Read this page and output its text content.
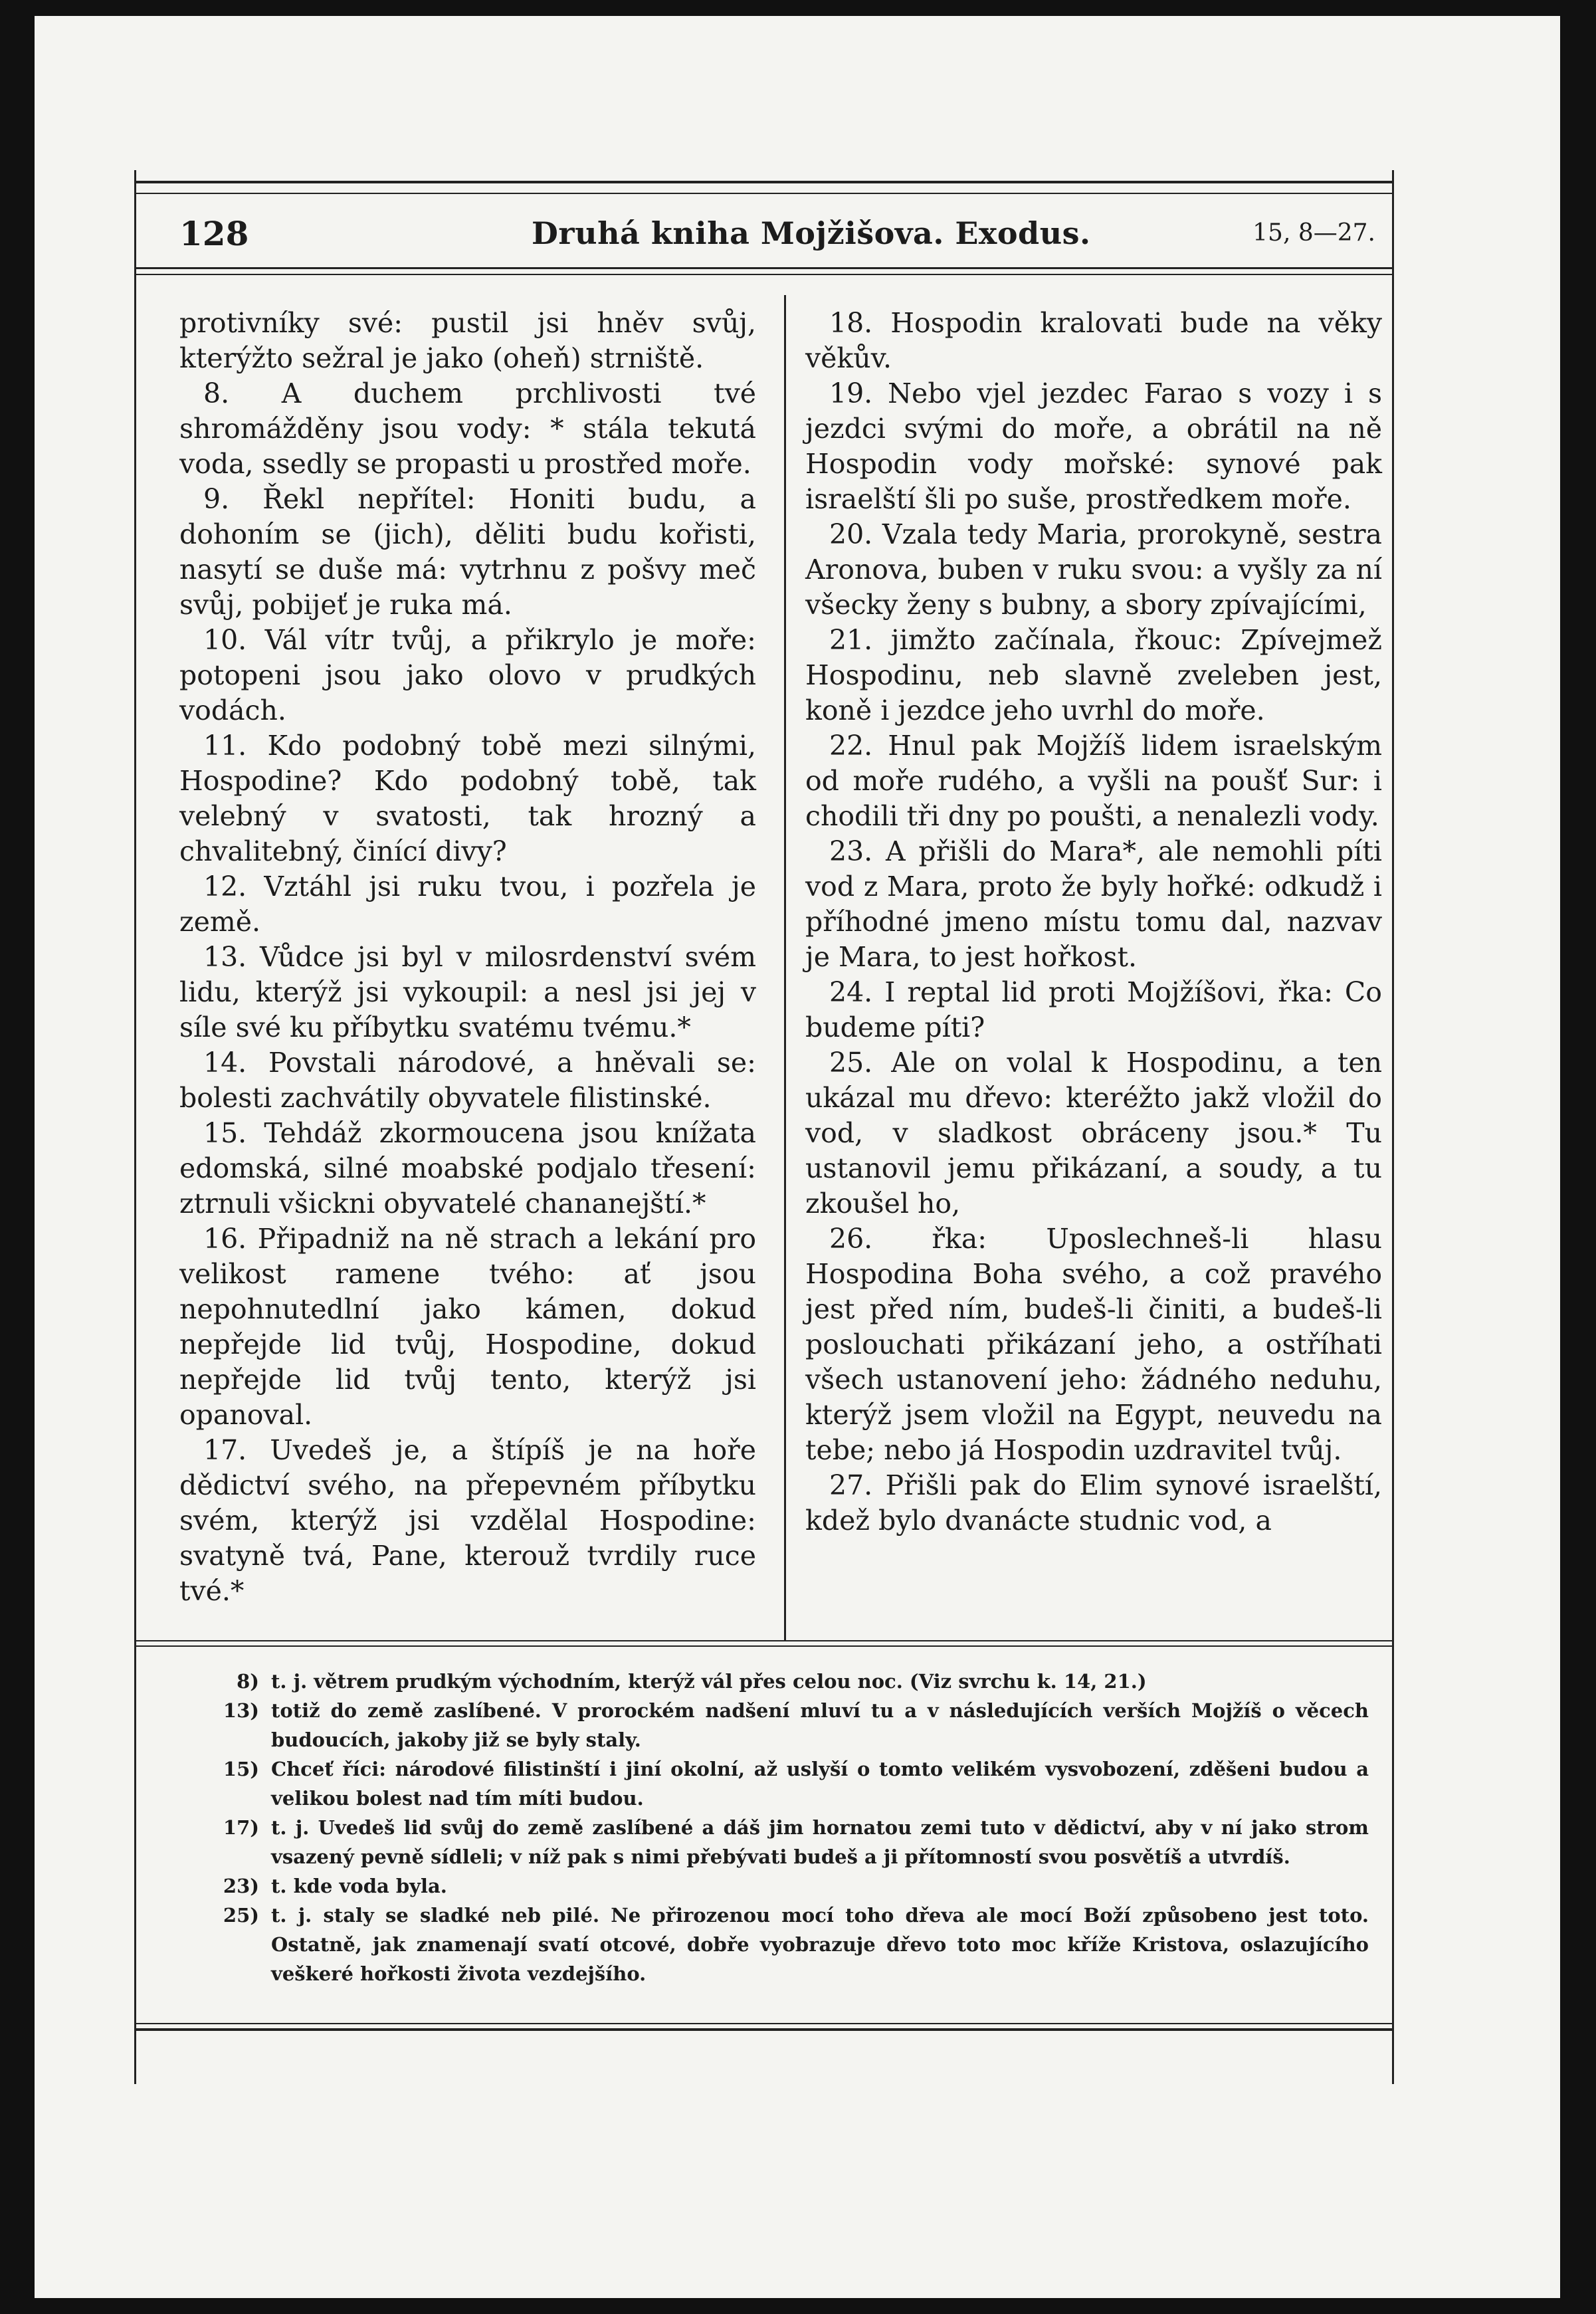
128	Druhá kniha Mojžišova. Exodus.	15, 8—27.

protivníky své: pustil jsi hněv svůj, kterýžto sežral je jako (oheň) strniště.

8. A duchem prchlivosti tvé shromážděny jsou vody: * stála tekutá voda, ssedly se propasti u prostřed moře.

9. Řekl nepřítel: Honiti budu, a dohoním se (jich), děliti budu kořisti, nasytí se duše má: vytrhnu z pošvy meč svůj, pobijeť je ruka má.

10. Vál vítr tvůj, a přikrylo je moře: potopeni jsou jako olovo v prudkých vodách.

11. Kdo podobný tobě mezi silnými, Hospodine? Kdo podobný tobě, tak velebný v svatosti, tak hrozný a chvalitebný, činící divy?

12. Vztáhl jsi ruku tvou, i pozřela je země.

13. Vůdce jsi byl v milosrdenství svém lidu, kterýž jsi vykoupil: a nesl jsi jej v síle své ku příbytku svatému tvému.*

14. Povstali národové, a hněvali se: bolesti zachvátily obyvatele filistinské.

15. Tehdáž zkormoucena jsou knížata edomská, silné moabské podjalo třesení: ztrnuli všickni obyvatelé chananejští.*

16. Připadniž na ně strach a lekání pro velikost ramene tvého: ať jsou nepohnutedlní jako kámen, dokud nepřejde lid tvůj, Hospodine, dokud nepřejde lid tvůj tento, kterýž jsi opanoval.

17. Uvedeš je, a štípíš je na hoře dědictví svého, na přepevném příbytku svém, kterýž jsi vzdělal Hospodine: svatyně tvá, Pane, kterouž tvrdily ruce tvé.*

18. Hospodin kralovati bude na věky věkův.

19. Nebo vjel jezdec Farao s vozy i s jezdci svými do moře, a obrátil na ně Hospodin vody mořské: synové pak israelští šli po suše, prostředkem moře.

20. Vzala tedy Maria, prorokyně, sestra Aronova, buben v ruku svou: a vyšly za ní všecky ženy s bubny, a sbory zpívajícími,

21. jimžto začínala, řkouc: Zpívejmež Hospodinu, neb slavně zveleben jest, koně i jezdce jeho uvrhl do moře.

22. Hnul pak Mojžíš lidem israelským od moře rudého, a vyšli na poušť Sur: i chodili tři dny po poušti, a nenalezli vody.

23. A přišli do Mara*, ale nemohli píti vod z Mara, proto že byly hořké: odkudž i příhodné jmeno místu tomu dal, nazvav je Mara, to jest hořkost.

24. I reptal lid proti Mojžíšovi, řka: Co budeme píti?

25. Ale on volal k Hospodinu, a ten ukázal mu dřevo: kteréžto jakž vložil do vod, v sladkost obráceny jsou.* Tu ustanovil jemu přikázaní, a soudy, a tu zkoušel ho,

26. řka: Uposlechneš-li hlasu Hospodina Boha svého, a což pravého jest před ním, budeš-li činiti, a budeš-li poslouchati přikázaní jeho, a ostříhati všech ustanovení jeho: žádného neduhu, kterýž jsem vložil na Egypt, neuvedu na tebe; nebo já Hospodin uzdravitel tvůj.

27. Přišli pak do Elim synové israelští, kdež bylo dvanácte studnic vod, a

8) t. j. větrem prudkým východním, kterýž vál přes celou noc. (Viz svrchu k. 14, 21.)
13) totiž do země zaslíbené. V prorockém nadšení mluví tu a v následujících verších Mojžíš o věcech budoucích, jakoby již se byly staly.
15) Chceť říci: národové filistinští i jiní okolní, až uslyší o tomto velikém vysvobození, zděšeni budou a velikou bolest nad tím míti budou.
17) t. j. Uvedeš lid svůj do země zaslíbené a dáš jim hornatou zemi tuto v dědictví, aby v ní jako strom vsazený pevně sídleli; v níž pak s nimi přebývati budeš a ji přítomností svou posvětíš a utvrdíš.
23) t. kde voda byla.
25) t. j. staly se sladké neb pilé. Ne přirozenou mocí toho dřeva ale mocí Boží způsobeno jest toto. Ostatně, jak znamenají svatí otcové, dobře vyobrazuje dřevo toto moc kříže Kristova, oslazujícího veškeré hořkosti života vezdejšího.
